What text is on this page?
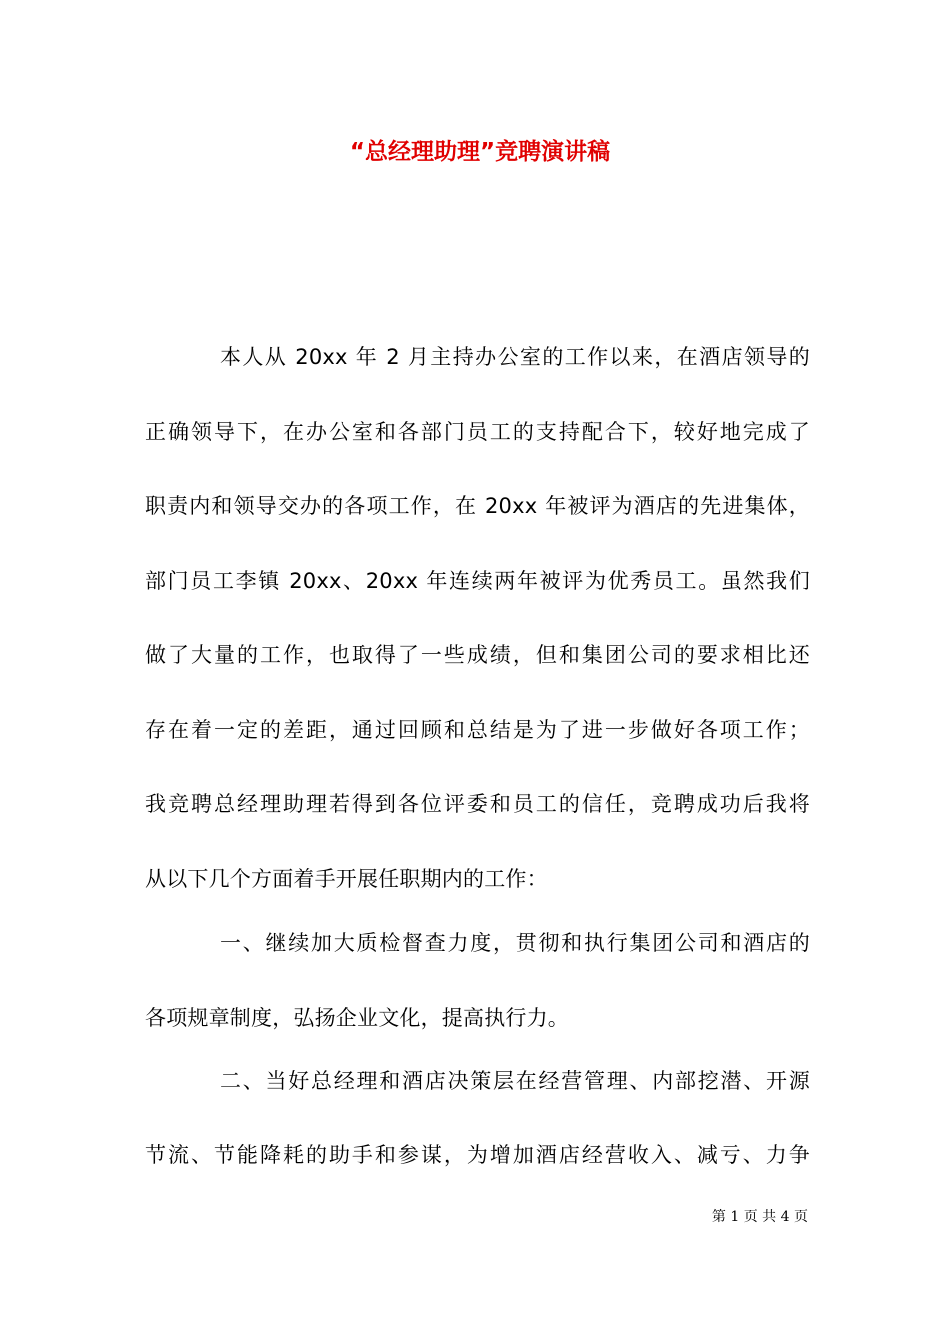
“总经理助理”竞聘演讲稿
本人从 20xx 年 2 月主持办公室的工作以来，在酒店领导的
正确领导下，在办公室和各部门员工的支持配合下，较好地完成了
职责内和领导交办的各项工作，在 20xx 年被评为酒店的先进集体，
部门员工李镇 20xx、20xx 年连续两年被评为优秀员工。虽然我们
做了大量的工作，也取得了一些成绩，但和集团公司的要求相比还
存在着一定的差距，通过回顾和总结是为了进一步做好各项工作；
我竞聘总经理助理若得到各位评委和员工的信任，竞聘成功后我将
从以下几个方面着手开展任职期内的工作：
一、继续加大质检督查力度，贯彻和执行集团公司和酒店的
各项规章制度，弘扬企业文化，提高执行力。
二、当好总经理和酒店决策层在经营管理、内部挖潜、开源
节流、节能降耗的助手和参谋，为增加酒店经营收入、减亏、力争
第 1 页 共 4 页
